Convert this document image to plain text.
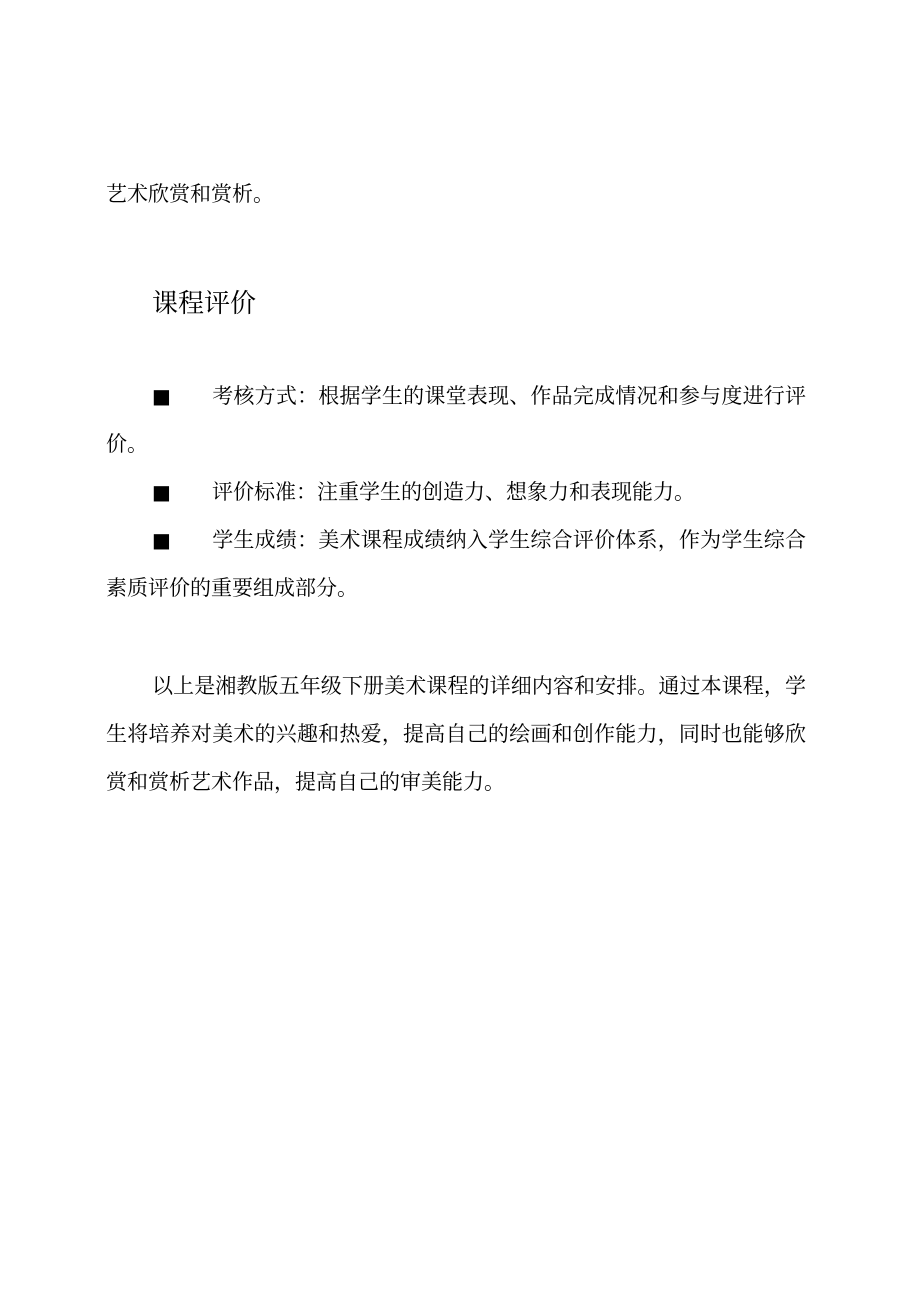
艺术欣赏和赏析。

课程评价

■ 考核方式：根据学生的课堂表现、作品完成情况和参与度进行评价。

■ 评价标准：注重学生的创造力、想象力和表现能力。

■ 学生成绩：美术课程成绩纳入学生综合评价体系，作为学生综合素质评价的重要组成部分。

以上是湘教版五年级下册美术课程的详细内容和安排。通过本课程，学生将培养对美术的兴趣和热爱，提高自己的绘画和创作能力，同时也能够欣赏和赏析艺术作品，提高自己的审美能力。
